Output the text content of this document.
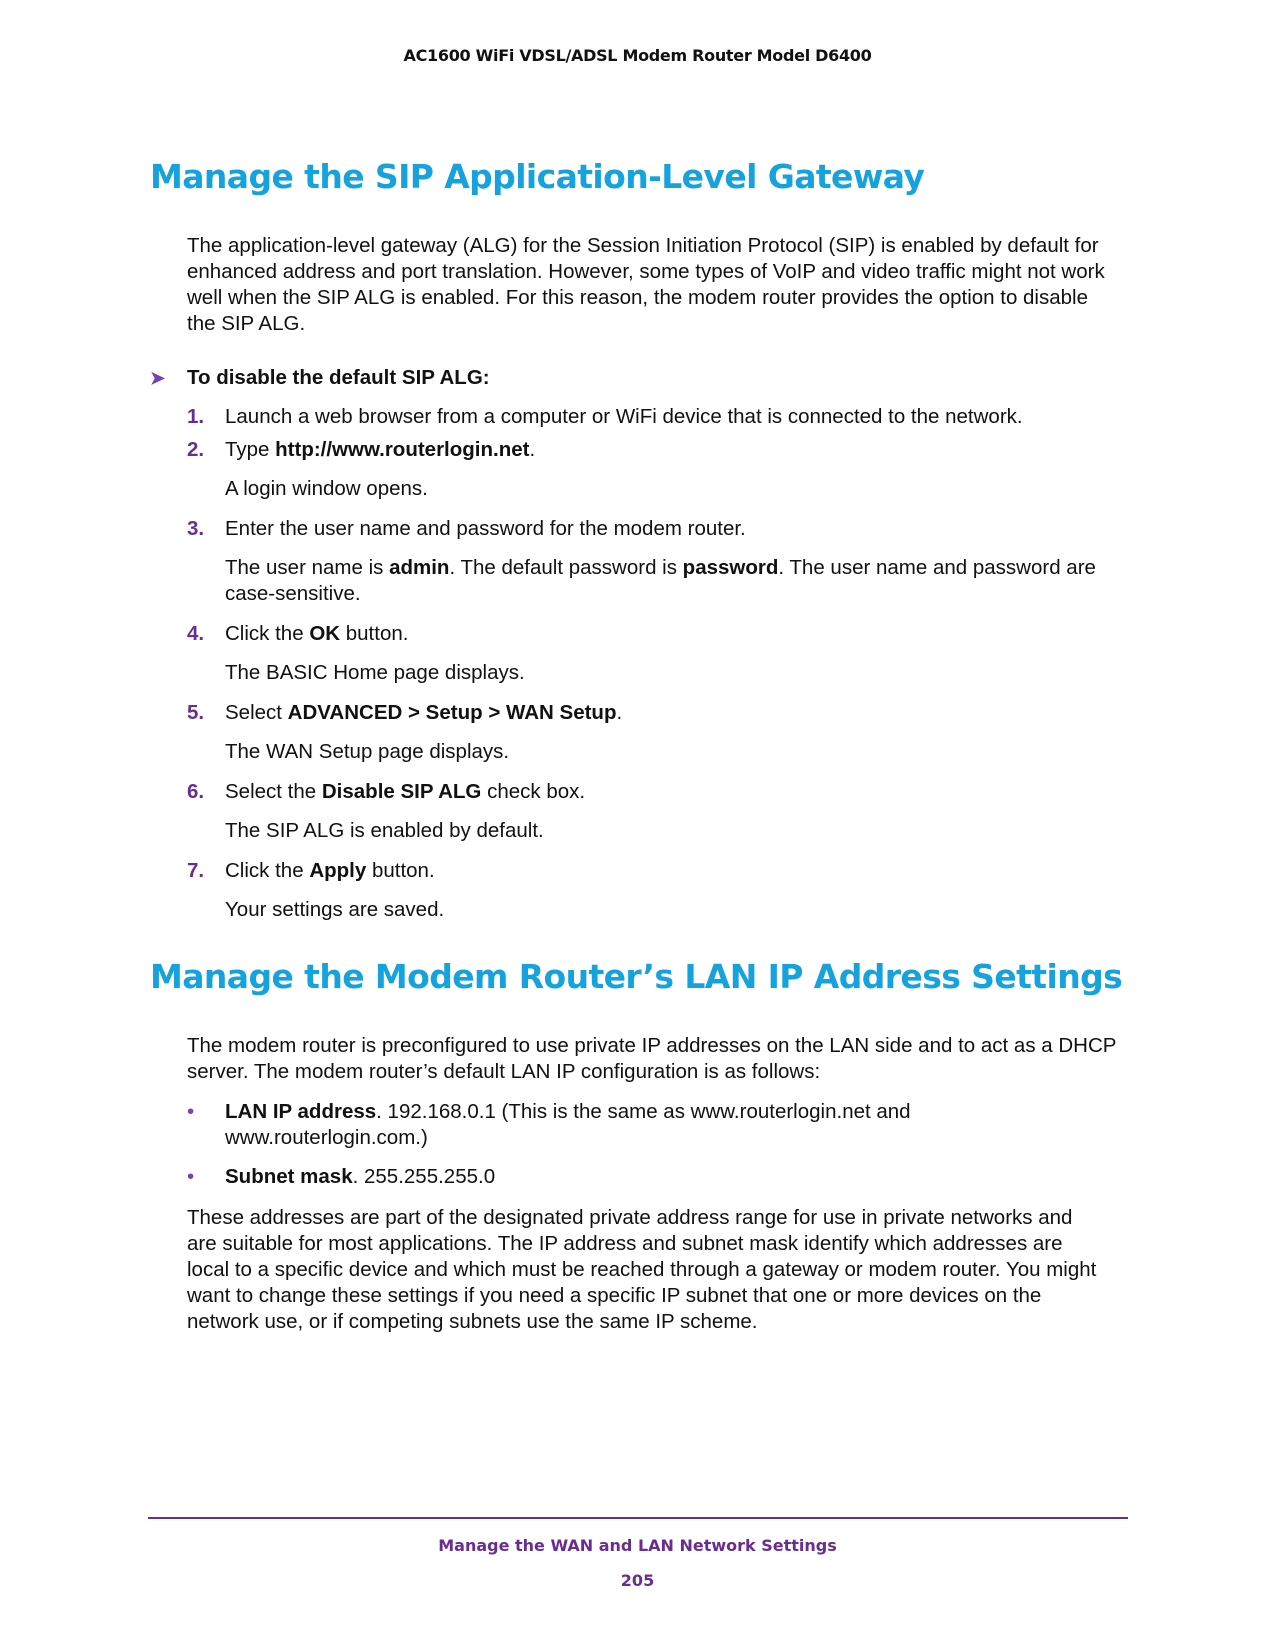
AC1600 WiFi VDSL/ADSL Modem Router Model D6400
Manage the SIP Application-Level Gateway

The application-level gateway (ALG) for the Session Initiation Protocol (SIP) is enabled by default for enhanced address and port translation. However, some types of VoIP and video traffic might not work well when the SIP ALG is enabled. For this reason, the modem router provides the option to disable the SIP ALG.

➤ To disable the default SIP ALG:
1. Launch a web browser from a computer or WiFi device that is connected to the network.
2. Type http://www.routerlogin.net.
A login window opens.
3. Enter the user name and password for the modem router.
The user name is admin. The default password is password. The user name and password are case-sensitive.
4. Click the OK button.
The BASIC Home page displays.
5. Select ADVANCED > Setup > WAN Setup.
The WAN Setup page displays.
6. Select the Disable SIP ALG check box.
The SIP ALG is enabled by default.
7. Click the Apply button.
Your settings are saved.
Manage the Modem Router’s LAN IP Address Settings

The modem router is preconfigured to use private IP addresses on the LAN side and to act as a DHCP server. The modem router’s default LAN IP configuration is as follows:

• LAN IP address. 192.168.0.1 (This is the same as www.routerlogin.net and www.routerlogin.com.)
• Subnet mask. 255.255.255.0

These addresses are part of the designated private address range for use in private networks and are suitable for most applications. The IP address and subnet mask identify which addresses are local to a specific device and which must be reached through a gateway or modem router. You might want to change these settings if you need a specific IP subnet that one or more devices on the network use, or if competing subnets use the same IP scheme.

Manage the WAN and LAN Network Settings
205
